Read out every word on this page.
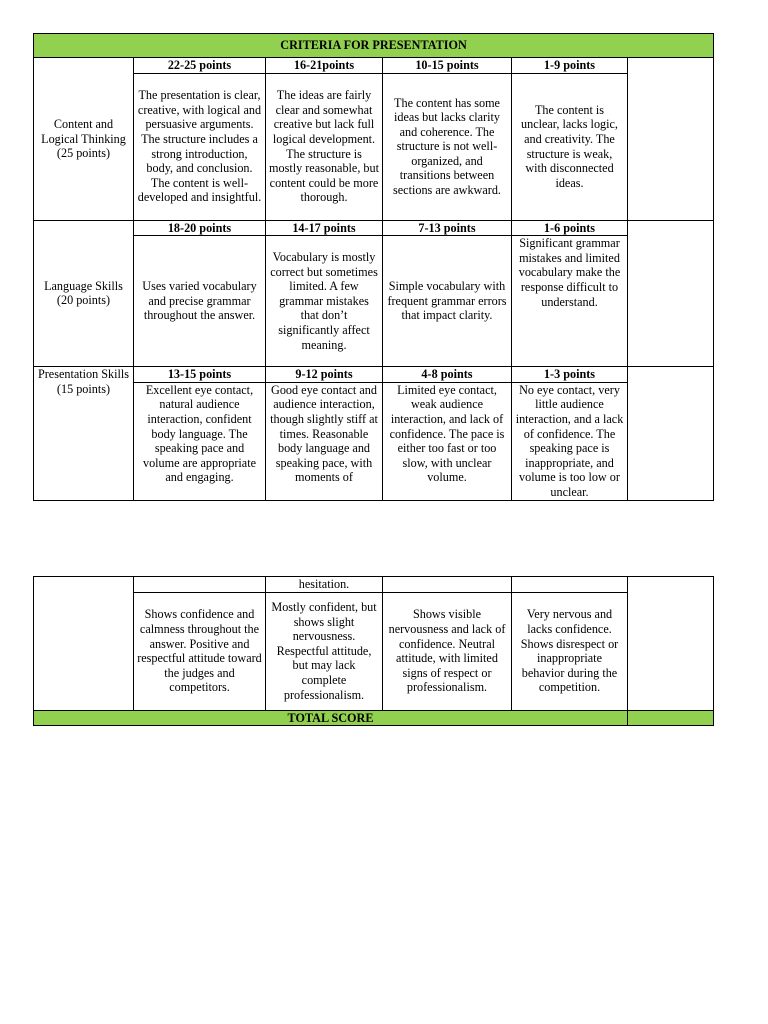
CRITERIA FOR PRESENTATION					
Content and Logical Thinking (25 points)	22-25 points	16-21points	10-15 points	1-9 points	
	The presentation is clear, creative, with logical and persuasive arguments. The structure includes a strong introduction, body, and conclusion. The content is well-developed and insightful.	The ideas are fairly clear and somewhat creative but lack full logical development. The structure is mostly reasonable, but content could be more thorough.	The content has some ideas but lacks clarity and coherence. The structure is not well-organized, and transitions between sections are awkward.	The content is unclear, lacks logic, and creativity. The structure is weak, with disconnected ideas.	
Language Skills (20 points)	18-20 points	14-17 points	7-13 points	1-6 points	
	Uses varied vocabulary and precise grammar throughout the answer.	Vocabulary is mostly correct but sometimes limited. A few grammar mistakes that don’t significantly affect meaning.	Simple vocabulary with frequent grammar errors that impact clarity.	Significant grammar mistakes and limited vocabulary make the response difficult to understand.	
Presentation Skills (15 points)	13-15 points	9-12 points	4-8 points	1-3 points	
	Excellent eye contact, natural audience interaction, confident body language. The speaking pace and volume are appropriate and engaging.	Good eye contact and audience interaction, though slightly stiff at times. Reasonable body language and speaking pace, with moments of	Limited eye contact, weak audience interaction, and lack of confidence. The pace is either too fast or too slow, with unclear volume.	No eye contact, very little audience interaction, and a lack of confidence. The speaking pace is inappropriate, and volume is too low or unclear.	
		hesitation.			
	Shows confidence and calmness throughout the answer. Positive and respectful attitude toward the judges and competitors.	Mostly confident, but shows slight nervousness. Respectful attitude, but may lack complete professionalism.	Shows visible nervousness and lack of confidence. Neutral attitude, with limited signs of respect or professionalism.	Very nervous and lacks confidence. Shows disrespect or inappropriate behavior during the competition.	
TOTAL SCORE					
